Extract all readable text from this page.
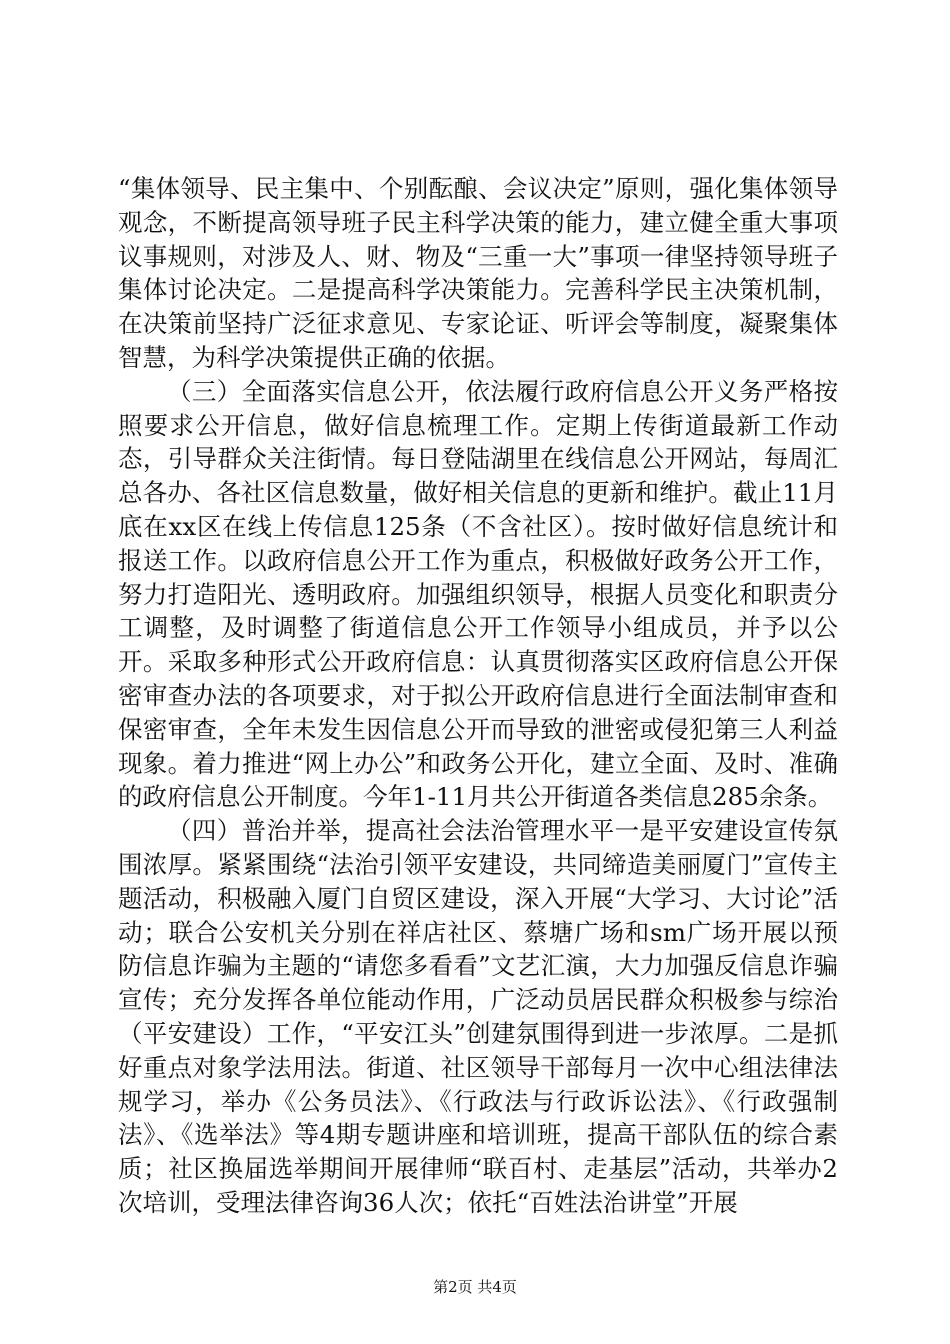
“集体领导、民主集中、个别酝酿、会议决定”原则，强化集体领导观念，不断提高领导班子民主科学决策的能力，建立健全重大事项议事规则，对涉及人、财、物及“三重一大”事项一律坚持领导班子集体讨论决定。二是提高科学决策能力。完善科学民主决策机制，在决策前坚持广泛征求意见、专家论证、听评会等制度，凝聚集体智慧，为科学决策提供正确的依据。

（三）全面落实信息公开，依法履行政府信息公开义务严格按照要求公开信息，做好信息梳理工作。定期上传街道最新工作动态，引导群众关注街情。每日登陆湖里在线信息公开网站，每周汇总各办、各社区信息数量，做好相关信息的更新和维护。截止11月底在xx区在线上传信息125条（不含社区）。按时做好信息统计和报送工作。以政府信息公开工作为重点，积极做好政务公开工作，努力打造阳光、透明政府。加强组织领导，根据人员变化和职责分工调整，及时调整了街道信息公开工作领导小组成员，并予以公开。采取多种形式公开政府信息：认真贯彻落实区政府信息公开保密审查办法的各项要求，对于拟公开政府信息进行全面法制审查和保密审查，全年未发生因信息公开而导致的泄密或侵犯第三人利益现象。着力推进“网上办公”和政务公开化，建立全面、及时、准确的政府信息公开制度。今年1-11月共公开街道各类信息285余条。

（四）普治并举，提高社会法治管理水平一是平安建设宣传氛围浓厚。紧紧围绕“法治引领平安建设，共同缔造美丽厦门”宣传主题活动，积极融入厦门自贸区建设，深入开展“大学习、大讨论”活动；联合公安机关分别在祥店社区、蔡塘广场和sm广场开展以预防信息诈骗为主题的“请您多看看”文艺汇演，大力加强反信息诈骗宣传；充分发挥各单位能动作用，广泛动员居民群众积极参与综治（平安建设）工作，“平安江头”创建氛围得到进一步浓厚。二是抓好重点对象学法用法。街道、社区领导干部每月一次中心组法律法规学习，举办《公务员法》、《行政法与行政诉讼法》、《行政强制法》、《选举法》等4期专题讲座和培训班，提高干部队伍的综合素质；社区换届选举期间开展律师“联百村、走基层”活动，共举办2次培训，受理法律咨询36人次；依托“百姓法治讲堂”开展

第2页 共4页
